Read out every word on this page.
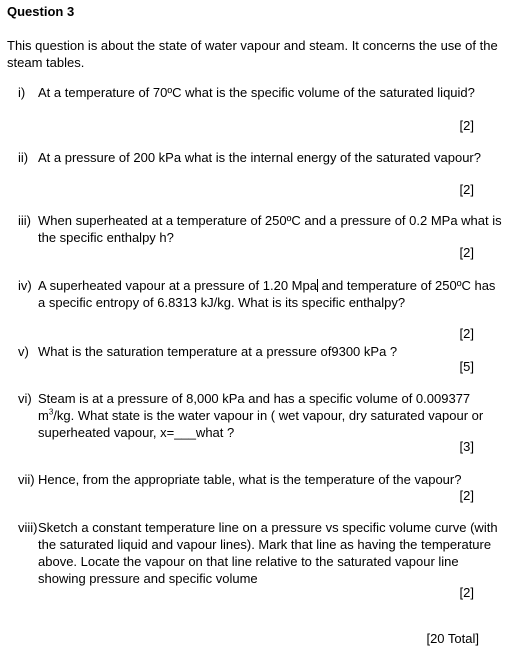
Question 3
This question is about the state of water vapour and steam. It concerns the use of the steam tables.
i) At a temperature of 70ºC what is the specific volume of the saturated liquid?
[2]
ii) At a pressure of 200 kPa what is the internal energy of the saturated vapour?
[2]
iii) When superheated at a temperature of 250ºC and a pressure of 0.2 MPa what is the specific enthalpy h?
[2]
iv) A superheated vapour at a pressure of 1.20 Mpa and temperature of 250ºC has a specific entropy of 6.8313 kJ/kg. What is its specific enthalpy?
[2]
v) What is the saturation temperature at a pressure of9300 kPa ?
[5]
vi) Steam is at a pressure of 8,000 kPa and has a specific volume of 0.009377 $m^3/kg$. What state is the water vapour in ( wet vapour, dry saturated vapour or superheated vapour, x=___what ?
[3]
vii) Hence, from the appropriate table, what is the temperature of the vapour?
[2]
viii) Sketch a constant temperature line on a pressure vs specific volume curve (with the saturated liquid and vapour lines). Mark that line as having the temperature above. Locate the vapour on that line relative to the saturated vapour line showing pressure and specific volume
[2]
[20 Total]
